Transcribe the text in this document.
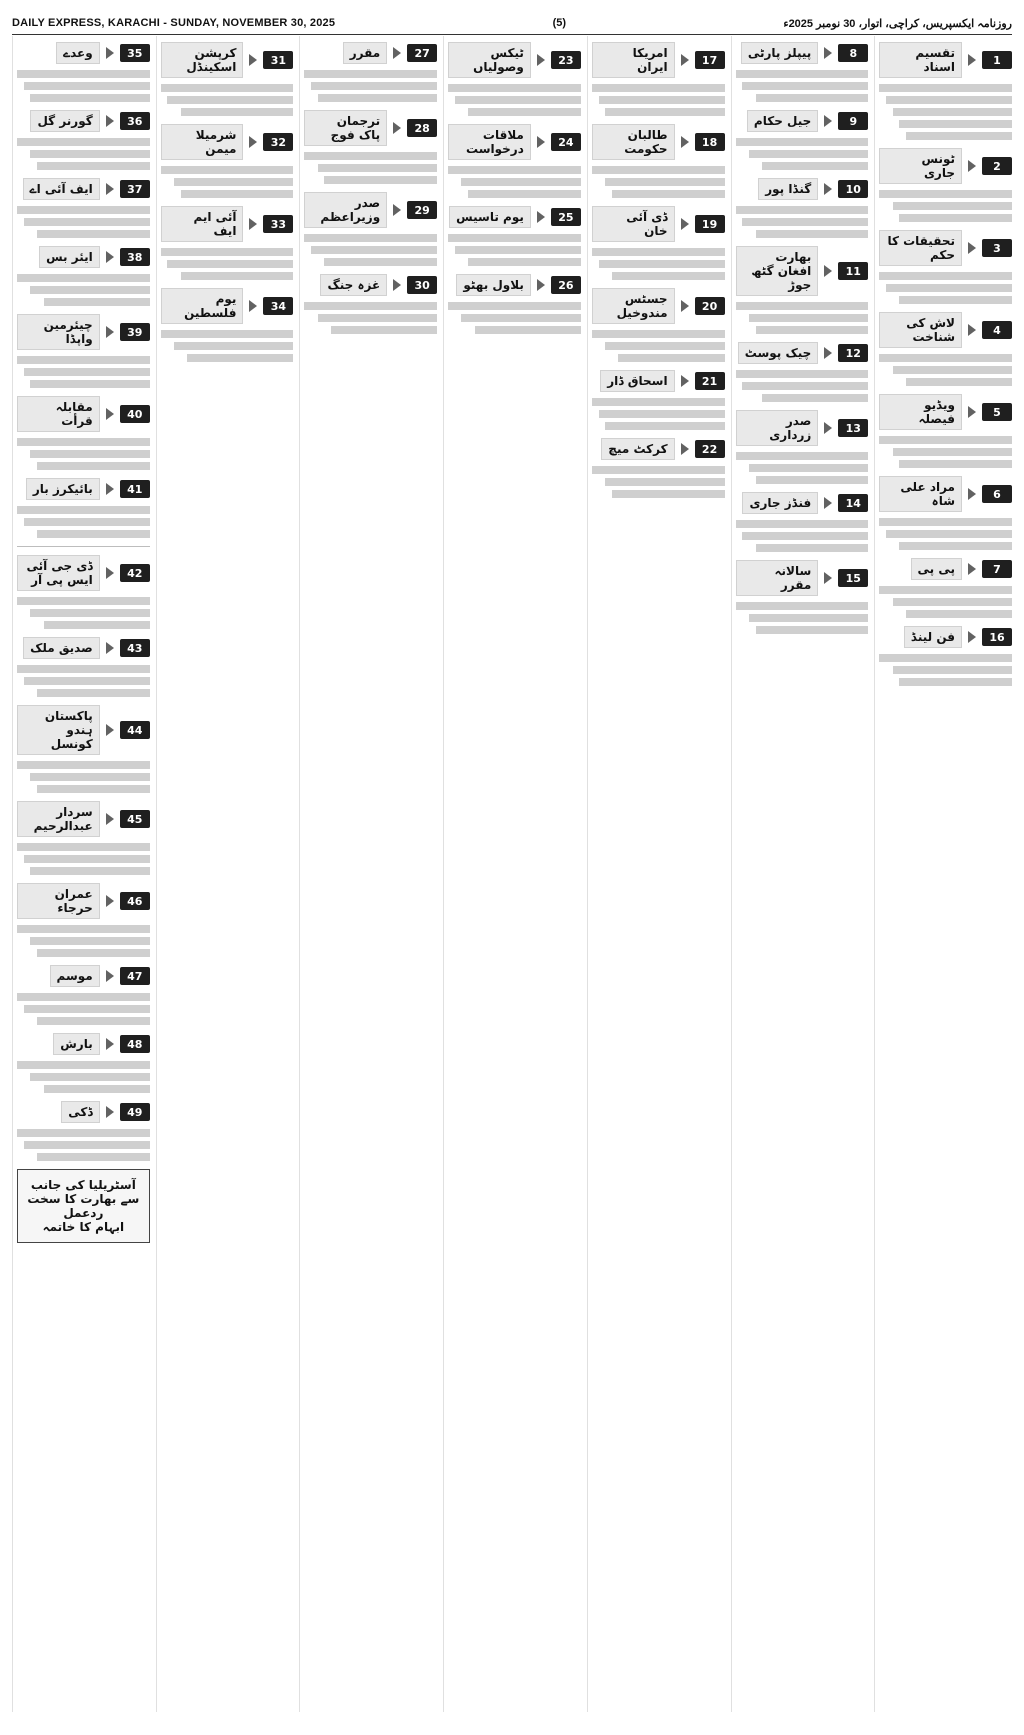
DAILY EXPRESS, KARACHI - SUNDAY, NOVEMBER 30, 2025	(5)	روزنامہ ایکسپریس، کراچی، اتوار، 30 نومبر 2025ء
1
تقسیم اسناد
2
ٹونس جاری
3
تحقیقات کا حکم
4
لاش کی شناخت
5
ویڈیو فیصلہ
6
مراد علی شاہ
7
پی پی
16
فن لینڈ
8
پیپلز پارٹی
9
جیل حکام
10
گنڈا پور
11
بھارت افغان گٹھ جوڑ
12
چیک پوسٹ
13
صدر زرداری
14
فنڈز جاری
15
سالانہ مقرر
17
امریکا ایران
18
طالبان حکومت
19
ڈی آئی خان
20
جسٹس مندوخیل
21
اسحاق ڈار
22
کرکٹ میچ
23
ٹیکس وصولیاں
24
ملاقات درخواست
25
یوم تاسیس
26
بلاول بھٹو
27
مقرر
28
ترجمان پاک فوج
29
صدر وزیراعظم
30
غزہ جنگ
31
کرپشن اسکینڈل
32
شرمیلا میمن
33
آئی ایم ایف
34
یوم فلسطین
35
وعدے
36
گورنر گل
37
ایف آئی اے
38
ایئر بس
39
چیئرمین واپڈا
40
مقابلہ قرأت
41
بائیکرز بار
42
ڈی جی آئی ایس پی آر
43
صدیق ملک
44
پاکستان ہندو کونسل
45
سردار عبدالرحیم
46
عمران حرجاء
47
موسم
48
بارش
49
ڈکی
آسٹریلیا کی جانب سے بھارت کا سخت ردعمل
ابہام کا خاتمہ
